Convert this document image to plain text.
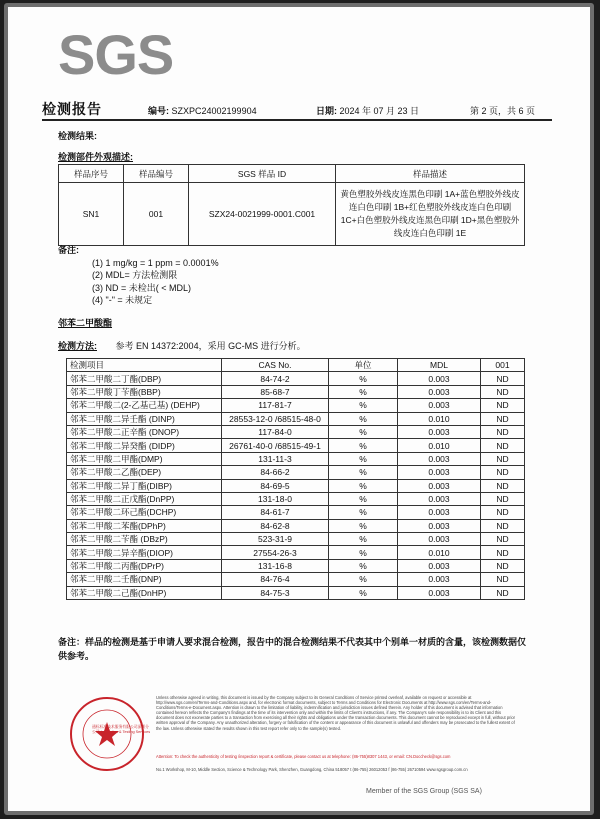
SGS
检测报告	编号: SZXPC24002199904	日期: 2024 年 07 月 23 日	第 2 页，共 6 页
检测结果:
检测部件外观描述:
样品序号	样品编号	SGS 样品 ID	样品描述
SN1	001	SZX24-0021999-0001.C001	黄色塑胶外线皮连黑色印刷 1A+蓝色塑胶外线皮连白色印刷 1B+红色塑胶外线皮连白色印刷 1C+白色塑胶外线皮连黑色印刷 1D+黑色塑胶外线皮连白色印刷 1E
备注:
(1) 1 mg/kg = 1 ppm = 0.0001%
(2) MDL= 方法检测限
(3) ND = 未检出( < MDL)
(4) "-" = 未规定
邻苯二甲酸酯
检测方法: 参考 EN 14372:2004，采用 GC-MS 进行分析。
检测项目	CAS No.	单位	MDL	001
邻苯二甲酸二丁酯(DBP)	84-74-2	%	0.003	ND
邻苯二甲酸丁苄酯(BBP)	85-68-7	%	0.003	ND
邻苯二甲酸二(2-乙基己基) (DEHP)	117-81-7	%	0.003	ND
邻苯二甲酸二异壬酯 (DINP)	28553-12-0 /68515-48-0	%	0.010	ND
邻苯二甲酸二正辛酯 (DNOP)	117-84-0	%	0.003	ND
邻苯二甲酸二异癸酯 (DIDP)	26761-40-0 /68515-49-1	%	0.010	ND
邻苯二甲酸二甲酯(DMP)	131-11-3	%	0.003	ND
邻苯二甲酸二乙酯(DEP)	84-66-2	%	0.003	ND
邻苯二甲酸二异丁酯(DIBP)	84-69-5	%	0.003	ND
邻苯二甲酸二正戊酯(DnPP)	131-18-0	%	0.003	ND
邻苯二甲酸二环己酯(DCHP)	84-61-7	%	0.003	ND
邻苯二甲酸二苯酯(DPhP)	84-62-8	%	0.003	ND
邻苯二甲酸二苄酯 (DBzP)	523-31-9	%	0.003	ND
邻苯二甲酸二异辛酯(DIOP)	27554-26-3	%	0.010	ND
邻苯二甲酸二丙酯(DPrP)	131-16-8	%	0.003	ND
邻苯二甲酸二壬酯(DNP)	84-76-4	%	0.003	ND
邻苯二甲酸二己酯(DnHP)	84-75-3	%	0.003	ND
备注：样品的检测是基于申请人要求混合检测，报告中的混合检测结果不代表其中个别单一材质的含量，该检测数据仅供参考。
通标标准技术服务有限公司深圳分公司 Inspection & Testing Services
Unless otherwise agreed in writing, this document is issued by the Company subject to its General Conditions of Service printed overleaf, available on request or accessible at http://www.sgs.com/en/Terms-and-Conditions.aspx and, for electronic format documents, subject to Terms and Conditions for Electronic Documents at http://www.sgs.com/en/Terms-and-Conditions/Terms-e-Document.aspx. Attention is drawn to the limitation of liability, indemnification and jurisdiction issues defined therein. Any holder of this document is advised that information contained hereon reflects the Company's findings at the time of its intervention only and within the limits of Client's instructions, if any. The Company's sole responsibility is to its Client and this document does not exonerate parties to a transaction from exercising all their rights and obligations under the transaction documents. This document cannot be reproduced except in full, without prior written approval of the Company. Any unauthorized alteration, forgery or falsification of the content or appearance of this document is unlawful and offenders may be prosecuted to the fullest extent of the law. Unless otherwise stated the results shown in this test report refer only to the sample(s) tested.
Attention: To check the authenticity of testing /inspection report & certificate, please contact us at telephone: (86-755)8307 1443, or email: CN.Doccheck@sgs.com
No.1 Workshop, M-10, Middle Section, Science & Technology Park, Shenzhen, Guangdong, China 518057 t (86-755) 26012053 f (86-755) 26710594 www.sgsgroup.com.cn
Member of the SGS Group (SGS SA)
